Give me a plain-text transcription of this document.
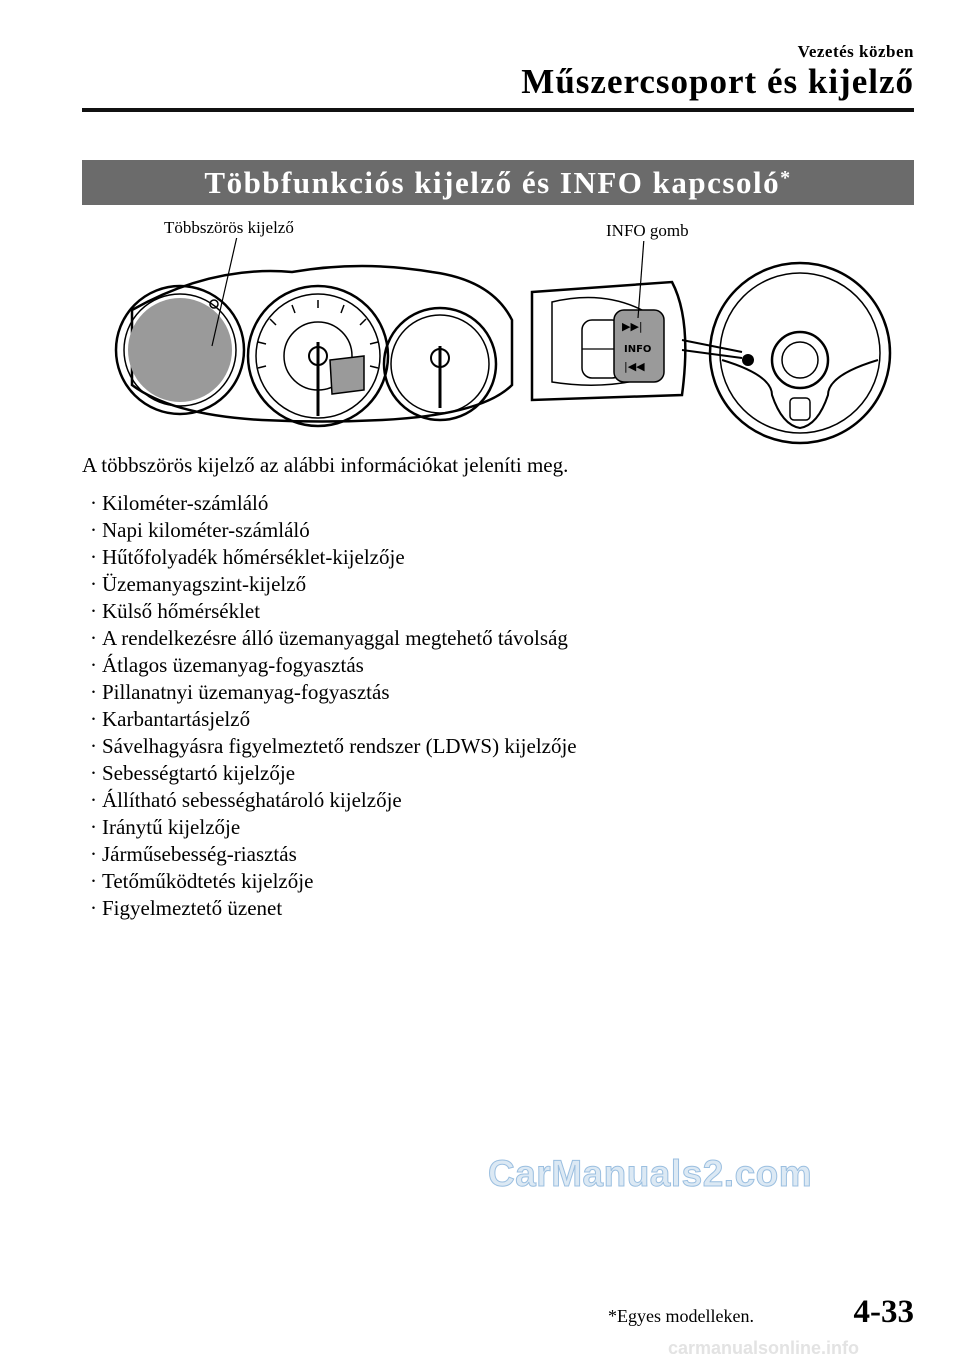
Vezetés közben
Műszercsoport és kijelző
Többfunkciós kijelző és INFO kapcsoló*
▶▶|
|◀◀
INFO
Többszörös kijelző	INFO gomb
A többszörös kijelző az alábbi információkat jeleníti meg.
· Kilométer-számláló
· Napi kilométer-számláló
· Hűtőfolyadék hőmérséklet-kijelzője
· Üzemanyagszint-kijelző
· Külső hőmérséklet
· A rendelkezésre álló üzemanyaggal megtehető távolság
· Átlagos üzemanyag-fogyasztás
· Pillanatnyi üzemanyag-fogyasztás
· Karbantartásjelző
· Sávelhagyásra figyelmeztető rendszer (LDWS) kijelzője
· Sebességtartó kijelzője
· Állítható sebességhatároló kijelzője
· Iránytű kijelzője
· Járműsebesség-riasztás
· Tetőműködtetés kijelzője
· Figyelmeztető üzenet
CarManuals2.com
*Egyes modelleken.	4-33
carmanualsonline.info
